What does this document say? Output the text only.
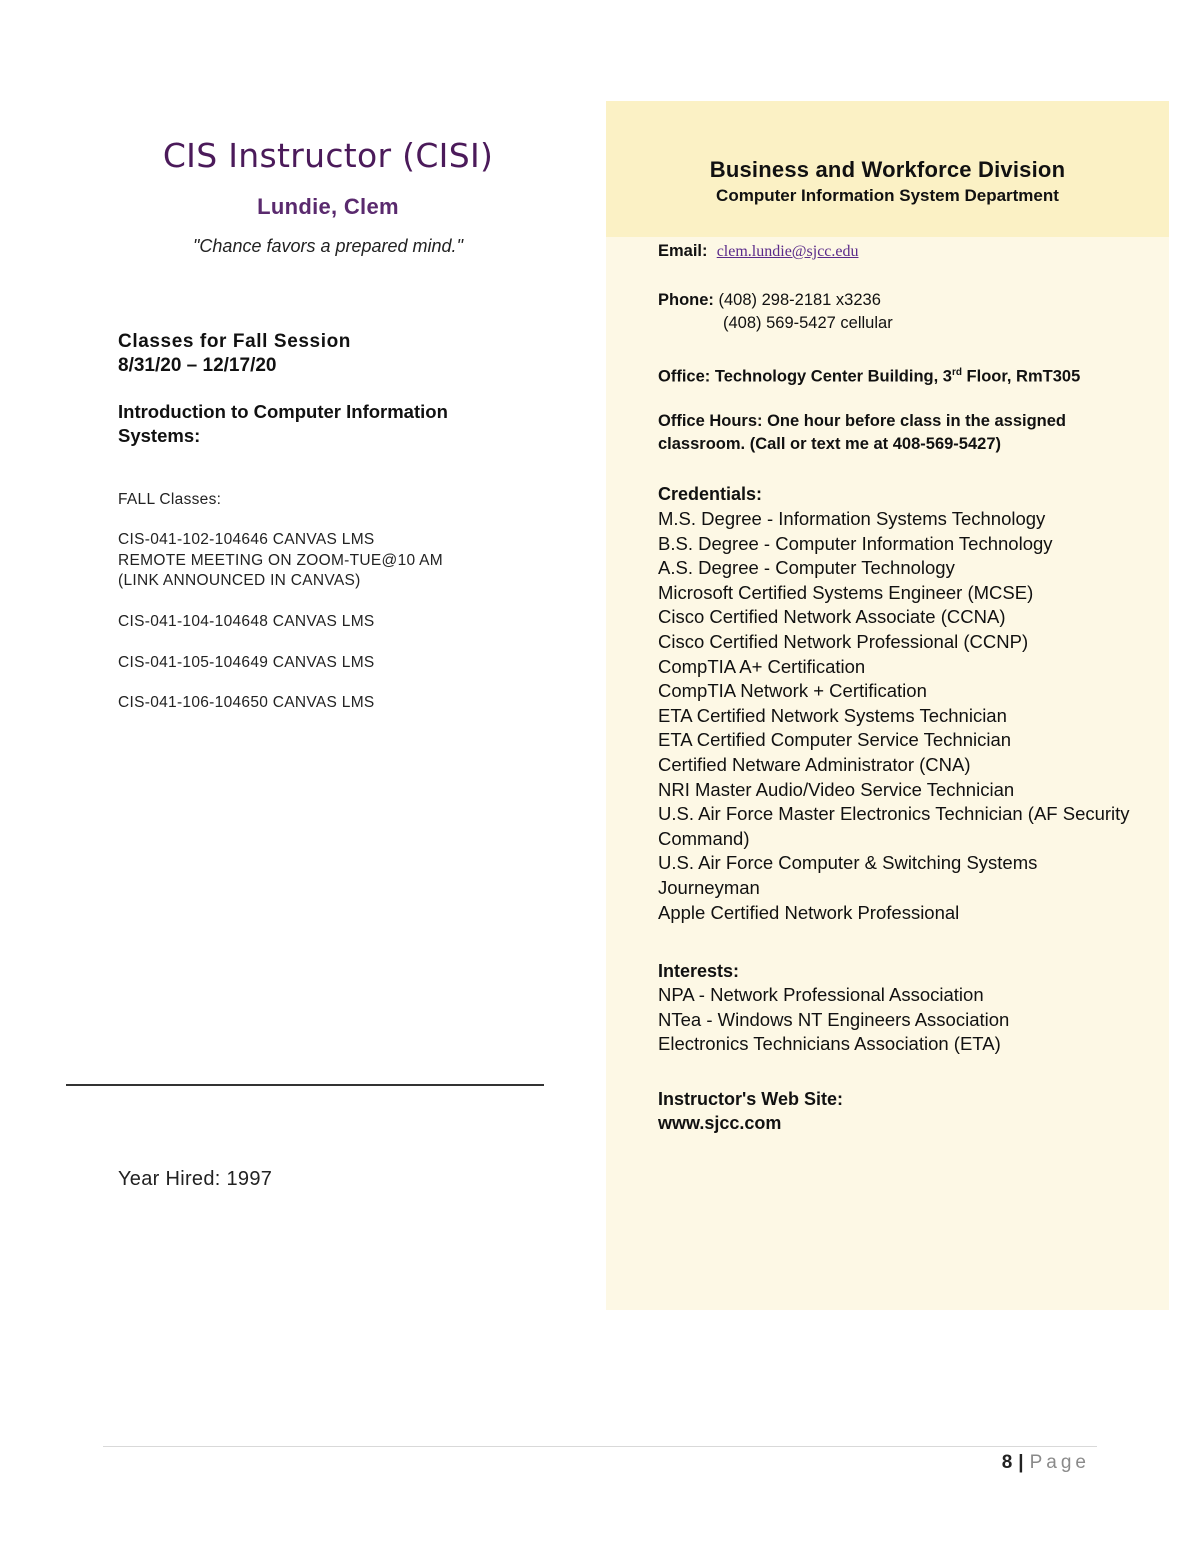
CIS Instructor (CISI)
Lundie, Clem
"Chance favors a prepared mind."
Classes for Fall Session
8/31/20 – 12/17/20
Introduction to Computer Information
Systems:
FALL Classes:
CIS-041-102-104646 CANVAS LMS
REMOTE MEETING ON ZOOM-TUE@10 AM
(LINK ANNOUNCED IN CANVAS)
CIS-041-104-104648 CANVAS LMS
CIS-041-105-104649 CANVAS LMS
CIS-041-106-104650 CANVAS LMS
Year Hired: 1997
Business and Workforce Division
Computer Information System Department
Email: clem.lundie@sjcc.edu
Phone: (408) 298-2181 x3236
(408) 569-5427 cellular
Office: Technology Center Building, 3rd Floor, RmT305
Office Hours: One hour before class in the assigned
classroom. (Call or text me at 408-569-5427)
Credentials:
M.S. Degree - Information Systems Technology
B.S. Degree - Computer Information Technology
A.S. Degree - Computer Technology
Microsoft Certified Systems Engineer (MCSE)
Cisco Certified Network Associate (CCNA)
Cisco Certified Network Professional (CCNP)
CompTIA A+ Certification
CompTIA Network + Certification
ETA Certified Network Systems Technician
ETA Certified Computer Service Technician
Certified Netware Administrator (CNA)
NRI Master Audio/Video Service Technician
U.S. Air Force Master Electronics Technician (AF Security
Command)
U.S. Air Force Computer & Switching Systems
Journeyman
Apple Certified Network Professional
Interests:
NPA - Network Professional Association
NTea - Windows NT Engineers Association
Electronics Technicians Association (ETA)
Instructor's Web Site:
www.sjcc.com
8 | Page
